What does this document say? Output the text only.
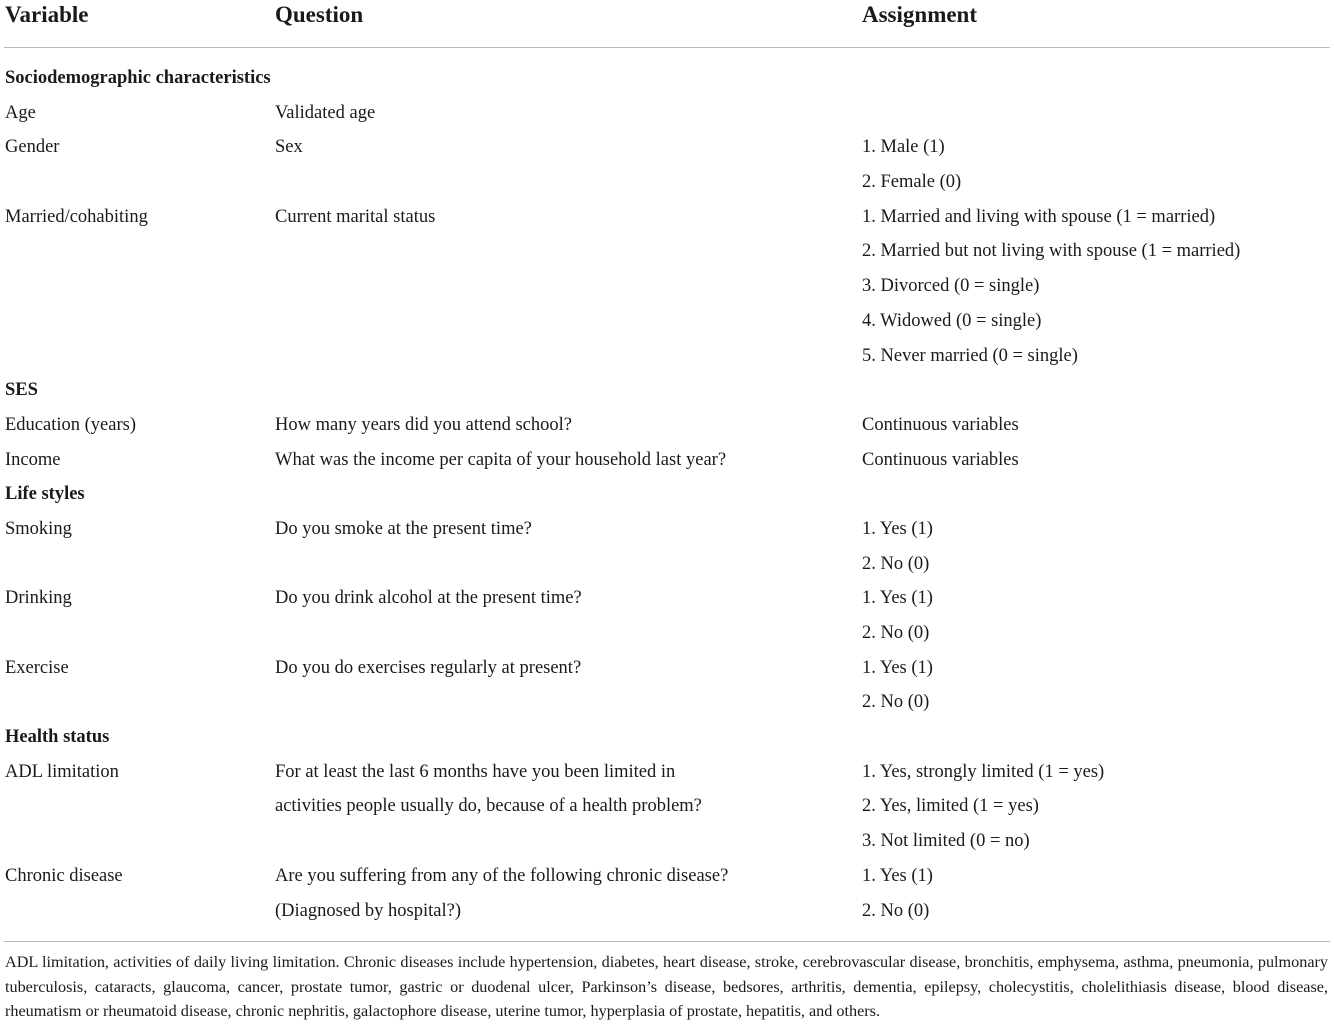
Variable	Question	Assignment
Sociodemographic characteristics
Age	Validated age
Gender	Sex	1. Male (1)
2. Female (0)
Married/cohabiting	Current marital status	1. Married and living with spouse (1 = married)
2. Married but not living with spouse (1 = married)
3. Divorced (0 = single)
4. Widowed (0 = single)
5. Never married (0 = single)
SES
Education (years)	How many years did you attend school?	Continuous variables
Income	What was the income per capita of your household last year?	Continuous variables
Life styles
Smoking	Do you smoke at the present time?	1. Yes (1)
2. No (0)
Drinking	Do you drink alcohol at the present time?	1. Yes (1)
2. No (0)
Exercise	Do you do exercises regularly at present?	1. Yes (1)
2. No (0)
Health status
ADL limitation	For at least the last 6 months have you been limited in	1. Yes, strongly limited (1 = yes)
activities people usually do, because of a health problem?	2. Yes, limited (1 = yes)
3. Not limited (0 = no)
Chronic disease	Are you suffering from any of the following chronic disease?	1. Yes (1)
(Diagnosed by hospital?)	2. No (0)
ADL limitation, activities of daily living limitation. Chronic diseases include hypertension, diabetes, heart disease, stroke, cerebrovascular disease, bronchitis, emphysema, asthma, pneumonia, pulmonary tuberculosis, cataracts, glaucoma, cancer, prostate tumor, gastric or duodenal ulcer, Parkinson’s disease, bedsores, arthritis, dementia, epilepsy, cholecystitis, cholelithiasis disease, blood disease, rheumatism or rheumatoid disease, chronic nephritis, galactophore disease, uterine tumor, hyperplasia of prostate, hepatitis, and others.
